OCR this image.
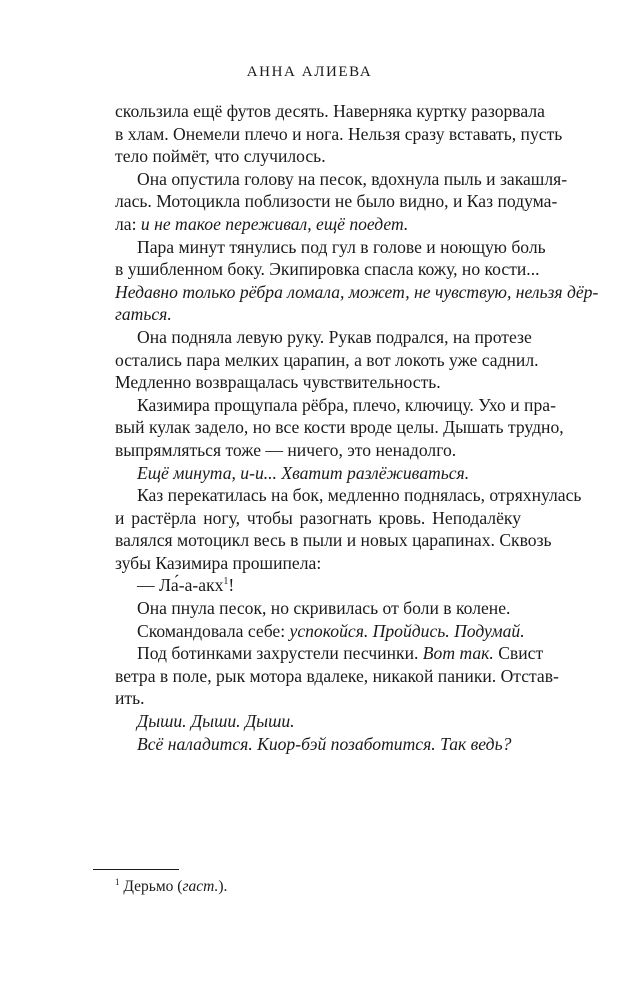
АННА АЛИЕВА
скользила ещё футов десять. Наверняка куртку разорвала
в хлам. Онемели плечо и нога. Нельзя сразу вставать, пусть
тело поймёт, что случилось.
Она опустила голову на песок, вдохнула пыль и закашля-
лась. Мотоцикла поблизости не было видно, и Каз подума-
ла: и не такое переживал, ещё поедет.
Пара минут тянулись под гул в голове и ноющую боль
в ушибленном боку. Экипировка спасла кожу, но кости...
Недавно только рёбра ломала, может, не чувствую, нельзя дёр-
гаться.
Она подняла левую руку. Рукав подрался, на протезе
остались пара мелких царапин, а вот локоть уже саднил.
Медленно возвращалась чувствительность.
Казимира прощупала рёбра, плечо, ключицу. Ухо и пра-
вый кулак задело, но все кости вроде целы. Дышать трудно,
выпрямляться тоже — ничего, это ненадолго.
Ещё минута, и-и... Хватит разлёживаться.
Каз перекатилась на бок, медленно поднялась, отряхнулась
и растёрла ногу, чтобы разогнать кровь. Неподалёку
валялся мотоцикл весь в пыли и новых царапинах. Сквозь
зубы Казимира прошипела:
— Ла́-а-акх$^1$!
Она пнула песок, но скривилась от боли в колене.
Скомандовала себе: успокойся. Пройдись. Подумай.
Под ботинками захрустели песчинки. Вот так. Свист
ветра в поле, рык мотора вдалеке, никакой паники. Отстав-
ить.
Дыши. Дыши. Дыши.
Всё наладится. Киор-бэй позаботится. Так ведь?
$^1$ Дерьмо (гаст.).
